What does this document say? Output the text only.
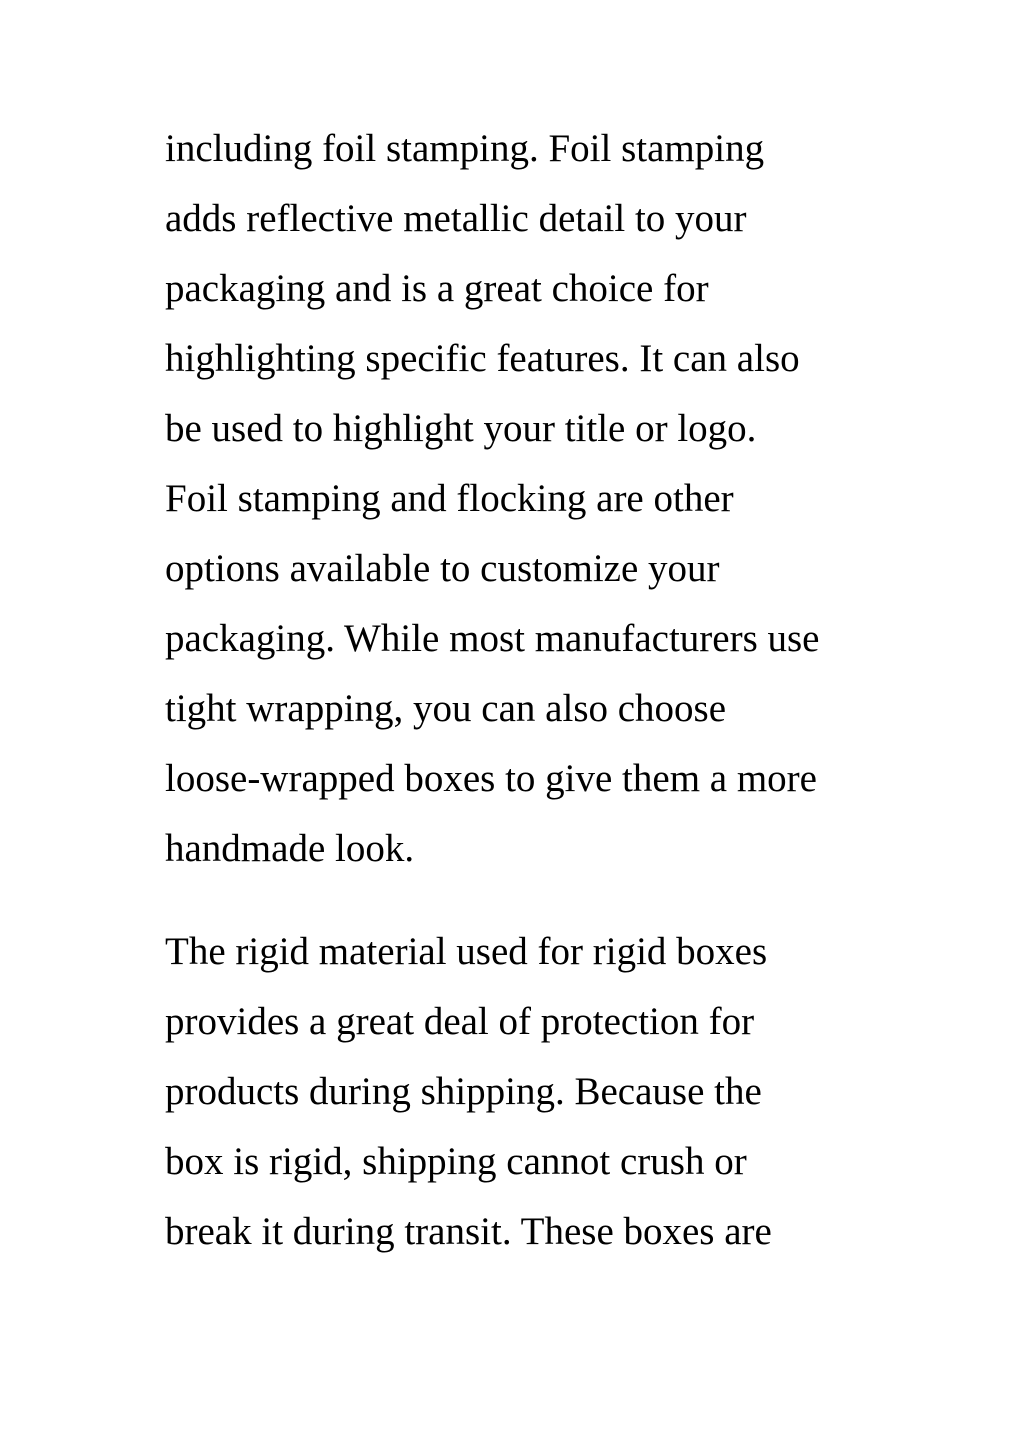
including foil stamping. Foil stamping
adds reflective metallic detail to your
packaging and is a great choice for
highlighting specific features. It can also
be used to highlight your title or logo.
Foil stamping and flocking are other
options available to customize your
packaging. While most manufacturers use
tight wrapping, you can also choose
loose-wrapped boxes to give them a more
handmade look.
The rigid material used for rigid boxes
provides a great deal of protection for
products during shipping. Because the
box is rigid, shipping cannot crush or
break it during transit. These boxes are
